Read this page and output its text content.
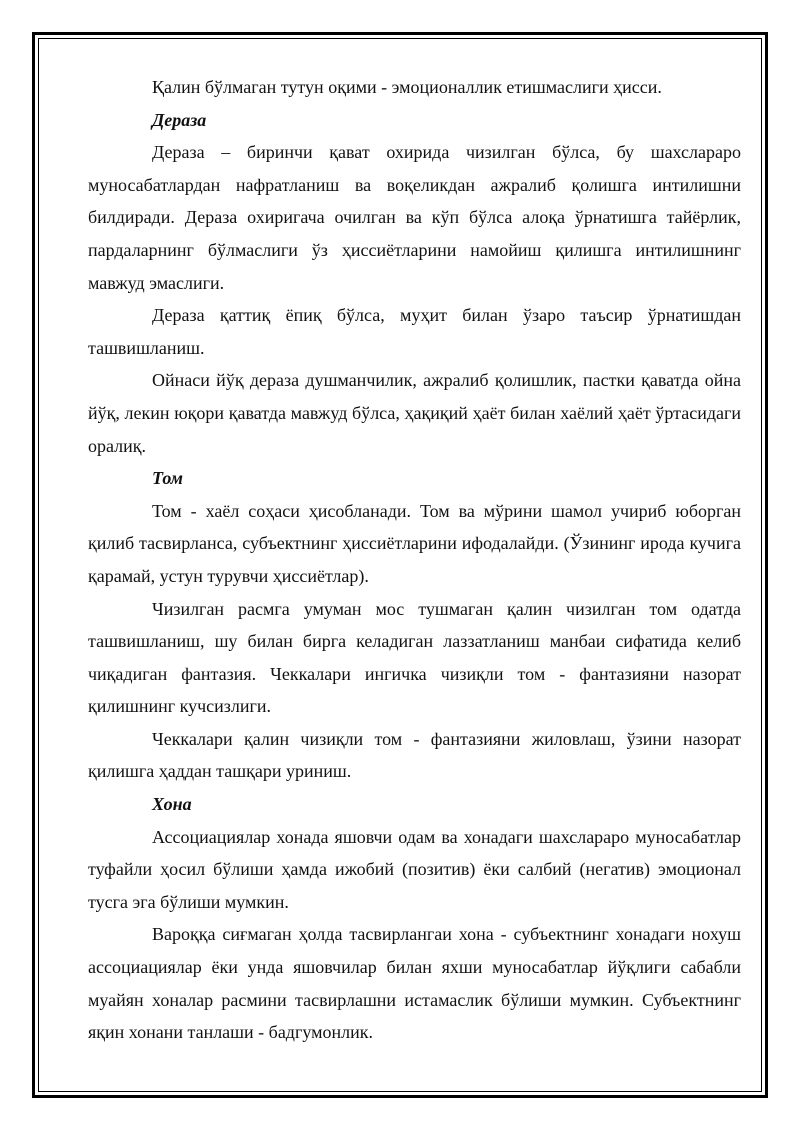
Қалин бўлмаган тутун оқими - эмоционаллик етишмаслиги ҳисси.

Дераза

Дераза – биринчи қават охирида чизилган бўлса, бу шахслараро муносабатлардан нафратланиш ва воқеликдан ажралиб қолишга интилишни билдиради. Дераза охиригача очилган ва кўп бўлса алоқа ўрнатишга тайёрлик, пардаларнинг бўлмаслиги ўз ҳиссиётларини намойиш қилишга интилишнинг мавжуд эмаслиги.

Дераза қаттиқ ёпиқ бўлса, муҳит билан ўзаро таъсир ўрнатишдан ташвишланиш.

Ойнаси йўқ дераза душманчилик, ажралиб қолишлик, пастки қаватда ойна йўқ, лекин юқори қаватда мавжуд бўлса, ҳақиқий ҳаёт билан хаёлий ҳаёт ўртасидаги оралиқ.

Том

Том - хаёл соҳаси ҳисобланади. Том ва мўрини шамол учириб юборган қилиб тасвирланса, субъектнинг ҳиссиётларини ифодалайди. (Ўзининг ирода кучига қарамай, устун турувчи ҳиссиётлар).

Чизилган расмга умуман мос тушмаган қалин чизилган том одатда ташвишланиш, шу билан бирга келадиган лаззатланиш манбаи сифатида келиб чиқадиган фантазия. Чеккалари ингичка чизиқли том - фантазияни назорат қилишнинг кучсизлиги.

Чеккалари қалин чизиқли том - фантазияни жиловлаш, ўзини назорат қилишга ҳаддан ташқари уриниш.

Хона

Ассоциациялар хонада яшовчи одам ва хонадаги шахслараро муносабатлар туфайли ҳосил бўлиши ҳамда ижобий (позитив) ёки салбий (негатив) эмоционал тусга эга бўлиши мумкин.

Вароққа сиғмаган ҳолда тасвирлангаи хона - субъектнинг хонадаги нохуш ассоциациялар ёки унда яшовчилар билан яхши муносабатлар йўқлиги сабабли муайян хоналар расмини тасвирлашни истамаслик бўлиши мумкин. Субъектнинг яқин хонани танлаши - бадгумонлик.
